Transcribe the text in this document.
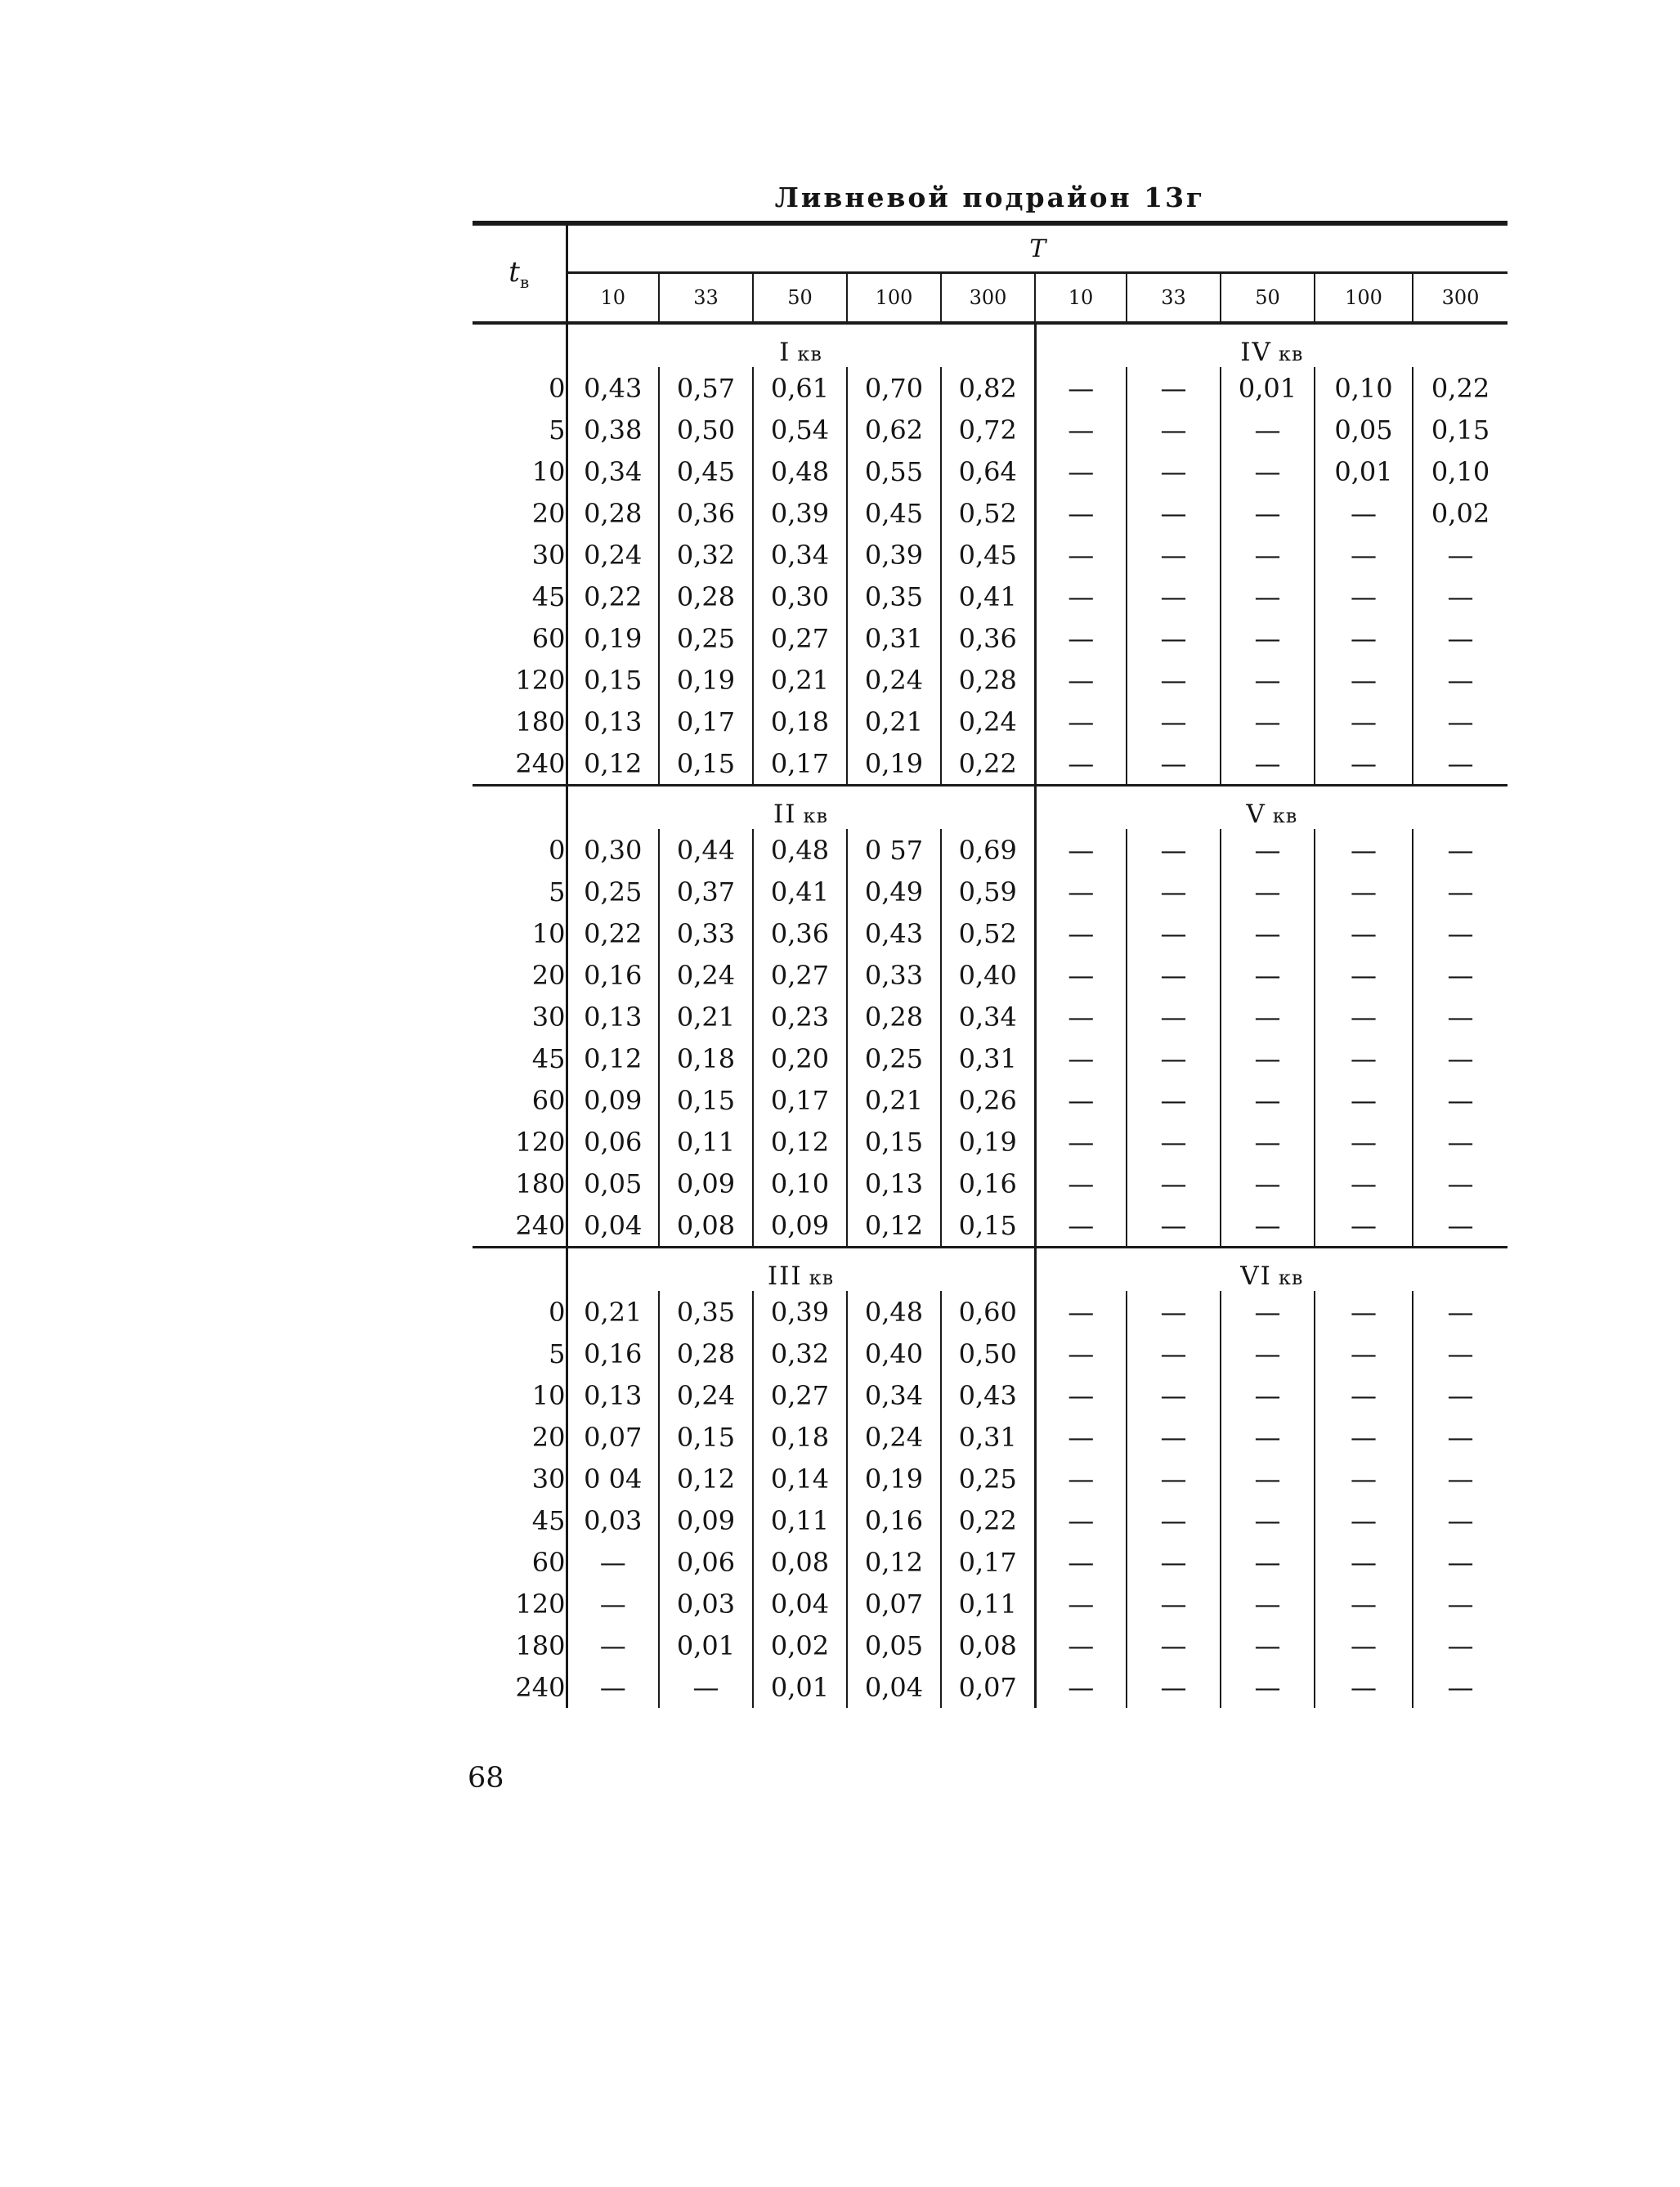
Ливневой подрайон 13г
$t_в$	T									
	10	33	50	100	300	10	33	50	100	300
	I кв					IV кв				
0	0,43	0,57	0,61	0,70	0,82	—	—	0,01	0,10	0,22
5	0,38	0,50	0,54	0,62	0,72	—	—	—	0,05	0,15
10	0,34	0,45	0,48	0,55	0,64	—	—	—	0,01	0,10
20	0,28	0,36	0,39	0,45	0,52	—	—	—	—	0,02
30	0,24	0,32	0,34	0,39	0,45	—	—	—	—	—
45	0,22	0,28	0,30	0,35	0,41	—	—	—	—	—
60	0,19	0,25	0,27	0,31	0,36	—	—	—	—	—
120	0,15	0,19	0,21	0,24	0,28	—	—	—	—	—
180	0,13	0,17	0,18	0,21	0,24	—	—	—	—	—
240	0,12	0,15	0,17	0,19	0,22	—	—	—	—	—
	II кв					V кв				
0	0,30	0,44	0,48	0 57	0,69	—	—	—	—	—
5	0,25	0,37	0,41	0,49	0,59	—	—	—	—	—
10	0,22	0,33	0,36	0,43	0,52	—	—	—	—	—
20	0,16	0,24	0,27	0,33	0,40	—	—	—	—	—
30	0,13	0,21	0,23	0,28	0,34	—	—	—	—	—
45	0,12	0,18	0,20	0,25	0,31	—	—	—	—	—
60	0,09	0,15	0,17	0,21	0,26	—	—	—	—	—
120	0,06	0,11	0,12	0,15	0,19	—	—	—	—	—
180	0,05	0,09	0,10	0,13	0,16	—	—	—	—	—
240	0,04	0,08	0,09	0,12	0,15	—	—	—	—	—
	III кв					VI кв				
0	0,21	0,35	0,39	0,48	0,60	—	—	—	—	—
5	0,16	0,28	0,32	0,40	0,50	—	—	—	—	—
10	0,13	0,24	0,27	0,34	0,43	—	—	—	—	—
20	0,07	0,15	0,18	0,24	0,31	—	—	—	—	—
30	0 04	0,12	0,14	0,19	0,25	—	—	—	—	—
45	0,03	0,09	0,11	0,16	0,22	—	—	—	—	—
60	—	0,06	0,08	0,12	0,17	—	—	—	—	—
120	—	0,03	0,04	0,07	0,11	—	—	—	—	—
180	—	0,01	0,02	0,05	0,08	—	—	—	—	—
240	—	—	0,01	0,04	0,07	—	—	—	—	—
68
